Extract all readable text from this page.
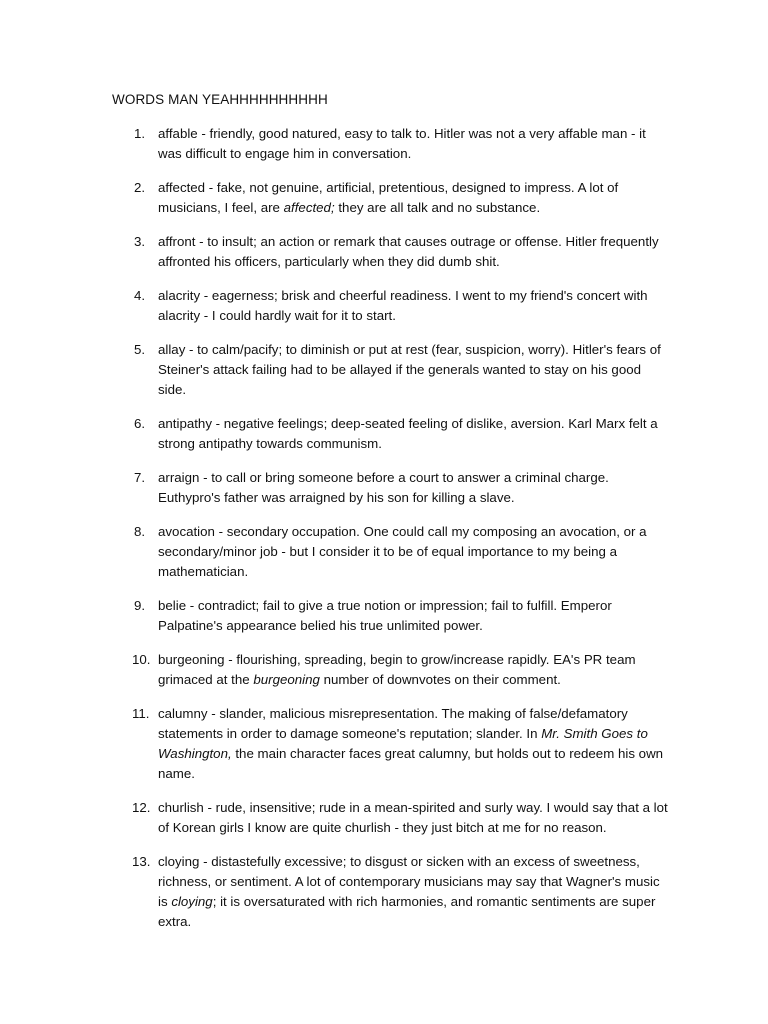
WORDS MAN YEAHHHHHHHHHH
1. affable - friendly, good natured, easy to talk to. Hitler was not a very affable man - it was difficult to engage him in conversation.
2. affected - fake, not genuine, artificial, pretentious, designed to impress. A lot of musicians, I feel, are affected; they are all talk and no substance.
3. affront - to insult; an action or remark that causes outrage or offense. Hitler frequently affronted his officers, particularly when they did dumb shit.
4. alacrity - eagerness; brisk and cheerful readiness. I went to my friend's concert with alacrity - I could hardly wait for it to start.
5. allay - to calm/pacify; to diminish or put at rest (fear, suspicion, worry). Hitler's fears of Steiner's attack failing had to be allayed if the generals wanted to stay on his good side.
6. antipathy - negative feelings; deep-seated feeling of dislike, aversion. Karl Marx felt a strong antipathy towards communism.
7. arraign - to call or bring someone before a court to answer a criminal charge. Euthypro's father was arraigned by his son for killing a slave.
8. avocation - secondary occupation. One could call my composing an avocation, or a secondary/minor job - but I consider it to be of equal importance to my being a mathematician.
9. belie - contradict; fail to give a true notion or impression; fail to fulfill. Emperor Palpatine's appearance belied his true unlimited power.
10. burgeoning - flourishing, spreading, begin to grow/increase rapidly. EA's PR team grimaced at the burgeoning number of downvotes on their comment.
11. calumny - slander, malicious misrepresentation. The making of false/defamatory statements in order to damage someone's reputation; slander. In Mr. Smith Goes to Washington, the main character faces great calumny, but holds out to redeem his own name.
12. churlish - rude, insensitive; rude in a mean-spirited and surly way. I would say that a lot of Korean girls I know are quite churlish - they just bitch at me for no reason.
13. cloying - distastefully excessive; to disgust or sicken with an excess of sweetness, richness, or sentiment. A lot of contemporary musicians may say that Wagner's music is cloying; it is oversaturated with rich harmonies, and romantic sentiments are super extra.
